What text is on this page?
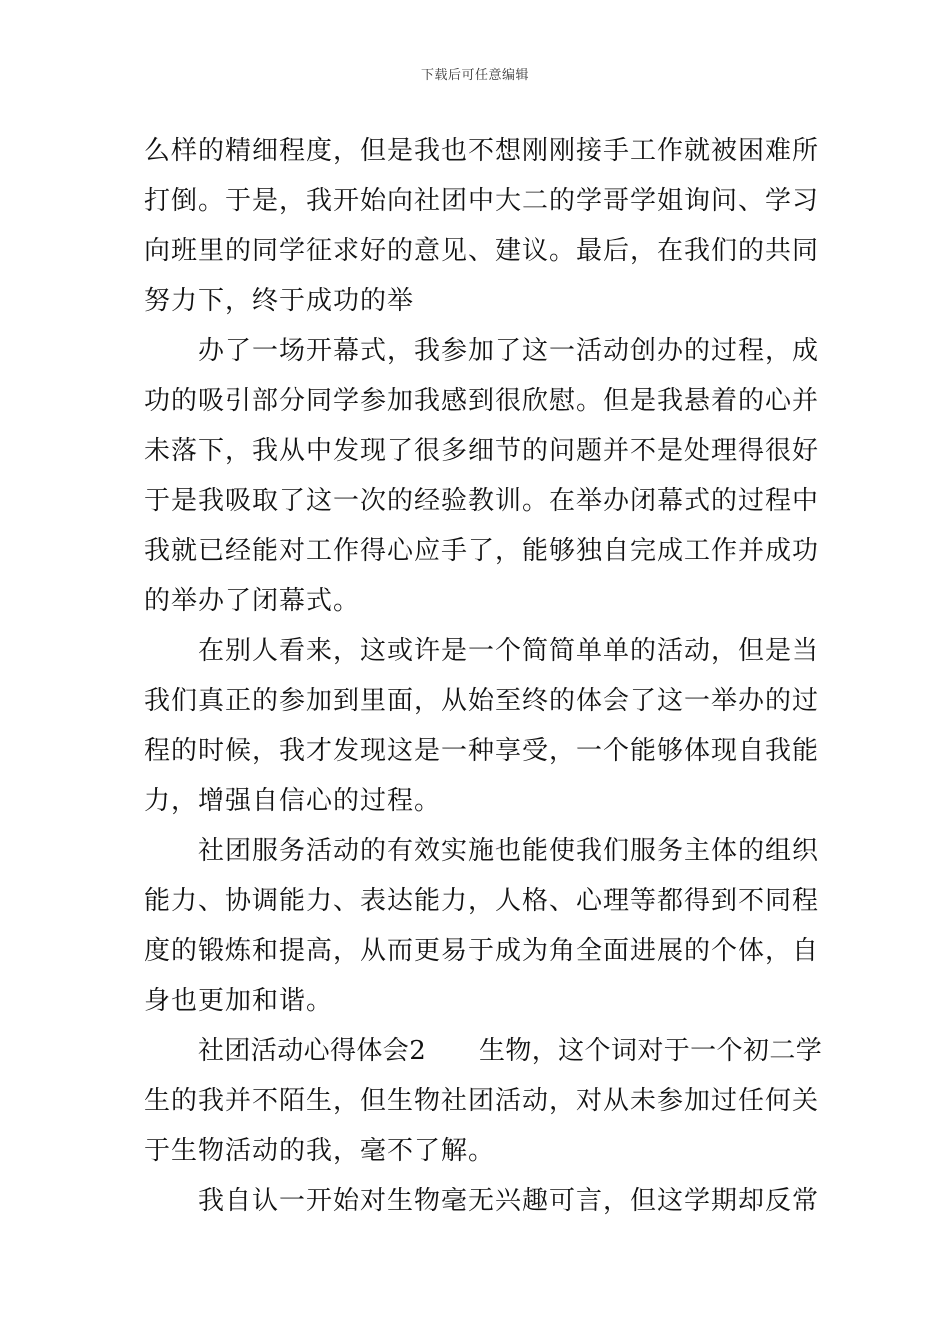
下载后可任意编辑
么样的精细程度，但是我也不想刚刚接手工作就被困难所
打倒。于是，我开始向社团中大二的学哥学姐询问、学习
向班里的同学征求好的意见、建议。最后，在我们的共同
努力下，终于成功的举
办了一场开幕式，我参加了这一活动创办的过程，成
功的吸引部分同学参加我感到很欣慰。但是我悬着的心并
未落下，我从中发现了很多细节的问题并不是处理得很好
于是我吸取了这一次的经验教训。在举办闭幕式的过程中
我就已经能对工作得心应手了，能够独自完成工作并成功
的举办了闭幕式。
在别人看来，这或许是一个简简单单的活动，但是当
我们真正的参加到里面，从始至终的体会了这一举办的过
程的时候，我才发现这是一种享受，一个能够体现自我能
力，增强自信心的过程。
社团服务活动的有效实施也能使我们服务主体的组织
能力、协调能力、表达能力，人格、心理等都得到不同程
度的锻炼和提高，从而更易于成为角全面进展的个体，自
身也更加和谐。
社团活动心得体会2　　生物，这个词对于一个初二学
生的我并不陌生，但生物社团活动，对从未参加过任何关
于生物活动的我，毫不了解。
我自认一开始对生物毫无兴趣可言，但这学期却反常
